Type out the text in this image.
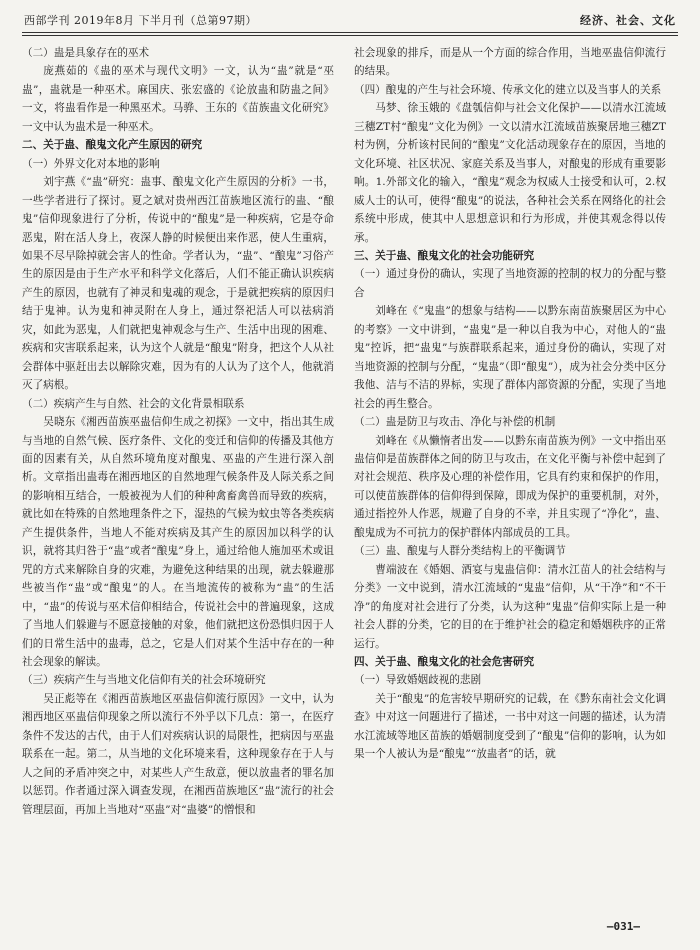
西部学刊 2019年8月 下半月刊（总第97期）	经济、社会、文化

（二）蛊是具象存在的巫术

庞燕茹的《蛊的巫术与现代文明》一文，认为“蛊”就是“巫蛊”，蛊就是一种巫术。麻国庆、张宏盛的《论放蛊和防蛊之间》一文，将蛊看作是一种黑巫术。马骅、王东的《苗族蛊文化研究》一文中认为蛊术是一种巫术。

二、关于蛊、酿鬼文化产生原因的研究

（一）外界文化对本地的影响

刘宇燕《“蛊”研究：蛊事、酿鬼文化产生原因的分析》一书，一些学者进行了探讨。夏之斌对贵州西江苗族地区流行的蛊、“酿鬼”信仰现象进行了分析，传说中的“酿鬼”是一种疾病，它是夺命恶鬼，附在活人身上，夜深人静的时候便出来作恶，使人生重病，如果不尽早除掉就会害人的性命。学者认为，“蛊”、“酿鬼”习俗产生的原因是由于生产水平和科学文化落后，人们不能正确认识疾病产生的原因，也就有了神灵和鬼魂的观念，于是就把疾病的原因归结于鬼神。认为鬼和神灵附在人身上，通过祭祀活人可以祛病消灾，如此为恶鬼，人们就把鬼神观念与生产、生活中出现的困难、疾病和灾害联系起来，认为这个人就是“酿鬼”附身，把这个人从社会群体中驱赶出去以解除灾难，因为有的人认为了这个人，他就消灭了病根。

（二）疾病产生与自然、社会的文化背景相联系

吴晓东《湘西苗族巫蛊信仰生成之初探》一文中，指出其生成与当地的自然气候、医疗条件、文化的变迁和信仰的传播及其他方面的因素有关，从自然环境角度对酿鬼、巫蛊的产生进行深入剖析。文章指出蛊毒在湘西地区的自然地理气候条件及人际关系之间的影响相互结合，一般被视为人们的种种禽畜禽兽而导致的疾病，就比如在特殊的自然地理条件之下，湿热的气候为蚊虫等各类疾病产生提供条件，当地人不能对疾病及其产生的原因加以科学的认识，就将其归咎于“蛊”或者“酿鬼”身上，通过给他人施加巫术或诅咒的方式来解除自身的灾难，为避免这种结果的出现，就去躲避那些被当作“蛊”或“酿鬼”的人。在当地流传的被称为“蛊”的生活中，“蛊”的传说与巫术信仰相结合，传说社会中的普遍现象，这成了当地人们躲避与不愿意接触的对象，他们就把这份恐惧归因于人们的日常生活中的蛊毒，总之，它是人们对某个生活中存在的一种社会现象的解读。

（三）疾病产生与当地文化信仰有关的社会环境研究

吴正彪等在《湘西苗族地区巫蛊信仰流行原因》一文中，认为湘西地区巫蛊信仰现象之所以流行不外乎以下几点：第一，在医疗条件不发达的古代，由于人们对疾病认识的局限性，把病因与巫蛊联系在一起。第二，从当地的文化环境来看，这种现象存在于人与人之间的矛盾冲突之中，对某些人产生敌意，便以放蛊者的罪名加以惩罚。作者通过深入调查发现，在湘西苗族地区“蛊”流行的社会管理层面，再加上当地对“巫蛊”对“蛊婆”的憎恨和

社会现象的排斥，而是从一个方面的综合作用，当地巫蛊信仰流行的结果。

（四）酿鬼的产生与社会环境、传承文化的建立以及当事人的关系

马梦、徐玉娥的《盘瓠信仰与社会文化保护——以清水江流域三穗ZT村“酿鬼”文化为例》一文以清水江流域苗族聚居地三穗ZT村为例，分析该村民间的“酿鬼”文化活动现象存在的原因，当地的文化环境、社区状况、家庭关系及当事人，对酿鬼的形成有重要影响。1.外部文化的输入，“酿鬼”观念为权威人士接受和认可，2.权威人士的认可，使得“酿鬼”的说法，各种社会关系在网络化的社会系统中形成，使其中人思想意识和行为形成，并使其观念得以传承。

三、关于蛊、酿鬼文化的社会功能研究

（一）通过身份的确认，实现了当地资源的控制的权力的分配与整合

刘峰在《“鬼蛊”的想象与结构——以黔东南苗族聚居区为中心的考察》一文中讲到，“蛊鬼”是一种以自我为中心，对他人的“蛊鬼”控诉，把“蛊鬼”与族群联系起来，通过身份的确认，实现了对当地资源的控制与分配，“鬼蛊”（即“酿鬼”），成为社会分类中区分我他、洁与不洁的界标，实现了群体内部资源的分配，实现了当地社会的再生整合。

（二）蛊是防卫与攻击、净化与补偿的机制

刘峰在《从懒惰者出发——以黔东南苗族为例》一文中指出巫蛊信仰是苗族群体之间的防卫与攻击，在文化平衡与补偿中起到了对社会规范、秩序及心理的补偿作用，它具有约束和保护的作用，可以使苗族群体的信仰得到保障，即成为保护的重要机制，对外，通过指控外人作恶，规避了自身的不幸，并且实现了“净化”，蛊、酿鬼成为不可抗力的保护群体内部成员的工具。

（三）蛊、酿鬼与人群分类结构上的平衡调节

曹端波在《婚姻、酒宴与鬼蛊信仰：清水江苗人的社会结构与分类》一文中说到，清水江流域的“鬼蛊”信仰，从“干净”和“不干净”的角度对社会进行了分类，认为这种“鬼蛊”信仰实际上是一种社会人群的分类，它的目的在于维护社会的稳定和婚姻秩序的正常运行。

四、关于蛊、酿鬼文化的社会危害研究

（一）导致婚姻歧视的悲剧

关于“酿鬼”的危害较早期研究的记载，在《黔东南社会文化调查》中对这一问题进行了描述，一书中对这一问题的描述，认为清水江流域等地区苗族的婚姻制度受到了“酿鬼”信仰的影响，认为如果一个人被认为是“酿鬼”“放蛊者”的话，就

—031—
